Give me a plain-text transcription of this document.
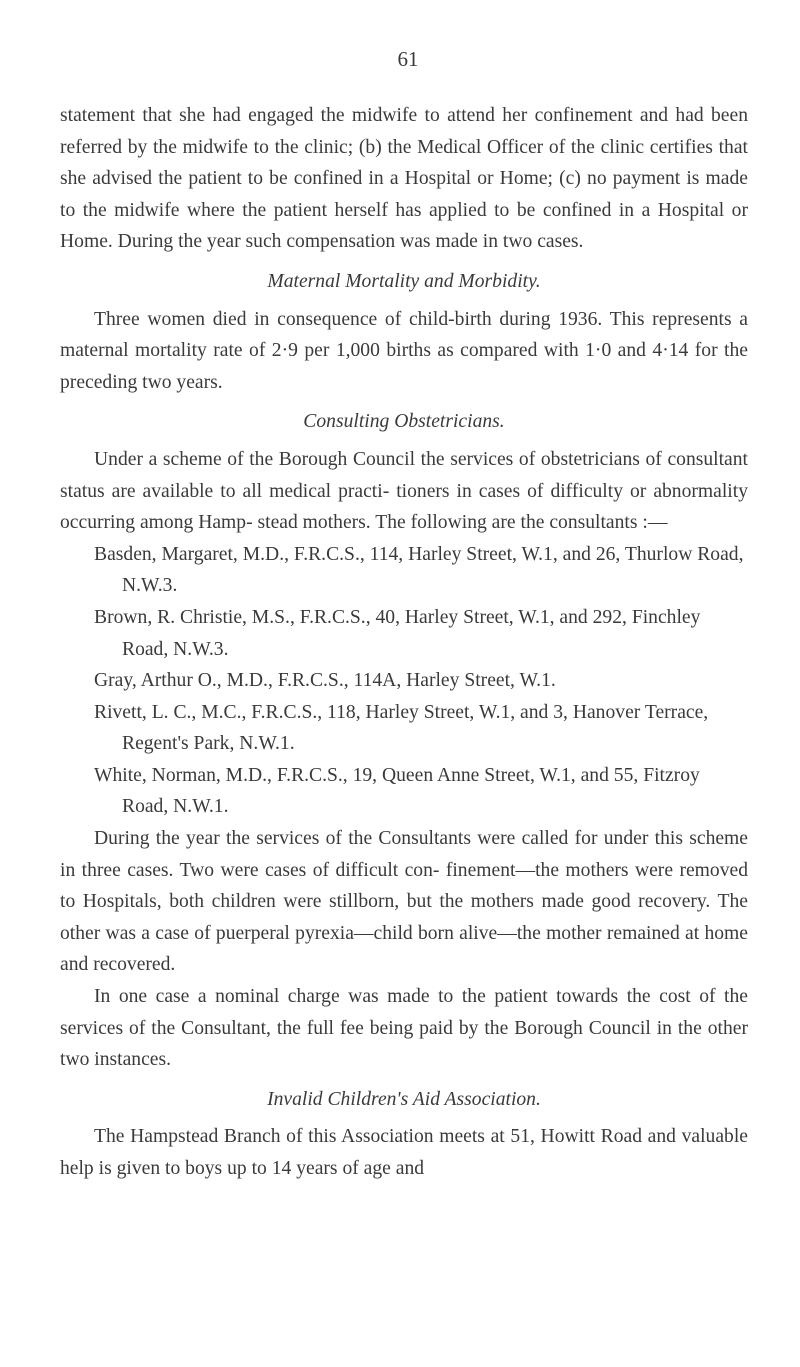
61

statement that she had engaged the midwife to attend her confinement and had been referred by the midwife to the clinic; (b) the Medical Officer of the clinic certifies that she advised the patient to be confined in a Hospital or Home; (c) no payment is made to the midwife where the patient herself has applied to be confined in a Hospital or Home. During the year such compensation was made in two cases.

Maternal Mortality and Morbidity.

Three women died in consequence of child-birth during 1936. This represents a maternal mortality rate of 2·9 per 1,000 births as compared with 1·0 and 4·14 for the preceding two years.

Consulting Obstetricians.

Under a scheme of the Borough Council the services of obstetricians of consultant status are available to all medical practi- tioners in cases of difficulty or abnormality occurring among Hamp- stead mothers. The following are the consultants :—

Basden, Margaret, M.D., F.R.C.S., 114, Harley Street, W.1, and 26, Thurlow Road, N.W.3.
Brown, R. Christie, M.S., F.R.C.S., 40, Harley Street, W.1, and 292, Finchley Road, N.W.3.
Gray, Arthur O., M.D., F.R.C.S., 114A, Harley Street, W.1.
Rivett, L. C., M.C., F.R.C.S., 118, Harley Street, W.1, and 3, Hanover Terrace, Regent's Park, N.W.1.
White, Norman, M.D., F.R.C.S., 19, Queen Anne Street, W.1, and 55, Fitzroy Road, N.W.1.

During the year the services of the Consultants were called for under this scheme in three cases. Two were cases of difficult con- finement—the mothers were removed to Hospitals, both children were stillborn, but the mothers made good recovery. The other was a case of puerperal pyrexia—child born alive—the mother remained at home and recovered.

In one case a nominal charge was made to the patient towards the cost of the services of the Consultant, the full fee being paid by the Borough Council in the other two instances.

Invalid Children's Aid Association.

The Hampstead Branch of this Association meets at 51, Howitt Road and valuable help is given to boys up to 14 years of age and
